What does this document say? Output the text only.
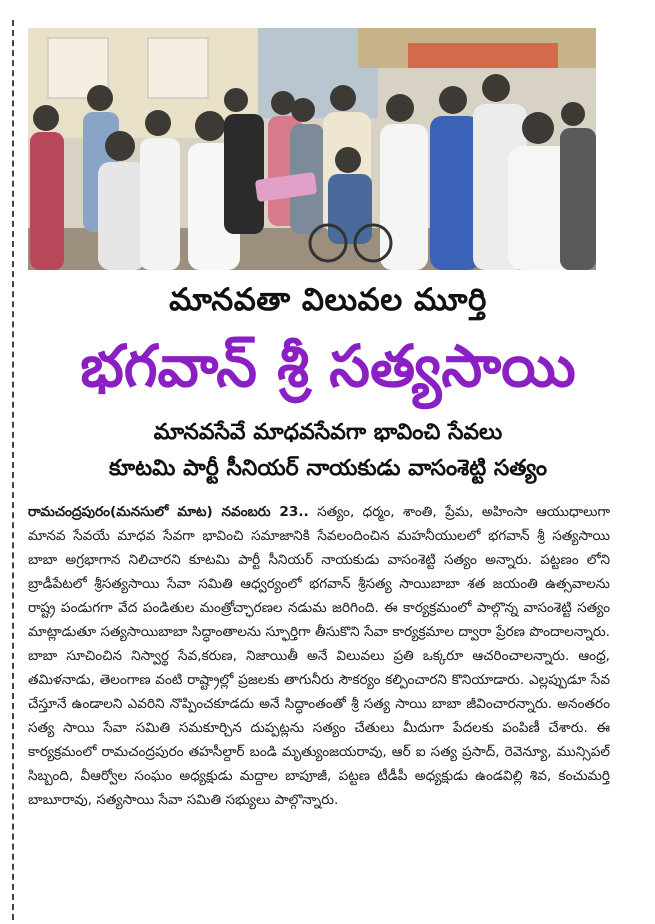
మానవతా విలువల మూర్తి
భగవాన్ శ్రీ సత్యసాయి
మానవసేవే మాధవసేవగా భావించి సేవలు
కూటమి పార్టీ సీనియర్ నాయకుడు వాసంశెట్టి సత్యం
రామచంద్రపురం(మనసులో మాట) నవంబరు 23.. సత్యం, ధర్మం, శాంతి, ప్రేమ, అహింసా ఆయుధాలుగా మానవ సేవయే మాధవ సేవగా భావించి సమాజానికి సేవలందించిన మహనీయులలో భగవాన్ శ్రీ సత్యసాయి బాబా అగ్రభాగాన నిలిచారని కూటమి పార్టీ సీనియర్ నాయకుడు వాసంశెట్టి సత్యం అన్నారు. పట్టణం లోని బ్రాడీపేటలో శ్రీసత్యసాయి సేవా సమితి ఆధ్వర్యంలో భగవాన్ శ్రీసత్య సాయిబాబా శత జయంతి ఉత్సవాలను రాష్ట్ర పండుగగా వేద పండితుల మంత్రోచ్ఛారణల నడుమ జరిగింది. ఈ కార్యక్రమంలో పాల్గొన్న వాసంశెట్టి సత్యం మాట్లాడుతూ సత్యసాయిబాబా సిద్ధాంతాలను స్ఫూర్తిగా తీసుకొని సేవా కార్యక్రమాల ద్వారా ప్రేరణ పొందాలన్నారు. బాబా సూచించిన నిస్వార్థ సేవ,కరుణ, నిజాయితీ అనే విలువలు ప్రతి ఒక్కరూ ఆచరించాలన్నారు. ఆంధ్ర, తమిళనాడు, తెలంగాణ వంటి రాష్ట్రాల్లో ప్రజలకు తాగునీరు సౌకర్యం కల్పించారని కొనియాడారు. ఎల్లప్పుడూ సేవ చేస్తూనే ఉండాలని ఎవరిని నొప్పించకూడదు అనే సిద్ధాంతంతో శ్రీ సత్య సాయి బాబా జీవించారన్నారు. అనంతరం సత్య సాయి సేవా సమితి సమకూర్చిన దుప్పట్లను సత్యం చేతులు మీదుగా పేదలకు పంపిణీ చేశారు. ఈ కార్యక్రమంలో రామచంద్రపురం తహసీల్దార్ బండి మృత్యుంజయరావు, ఆర్ ఐ సత్య ప్రసాద్, రెవెన్యూ, మున్సిపల్ సిబ్బంది, వీఆర్వోల సంఘం అధ్యక్షుడు మద్దాల బాపూజీ, పట్టణ టీడీపీ అధ్యక్షుడు ఉండవిల్లి శివ, కంచుమర్తి బాబూరావు, సత్యసాయి సేవా సమితి సభ్యులు పాల్గొన్నారు.
